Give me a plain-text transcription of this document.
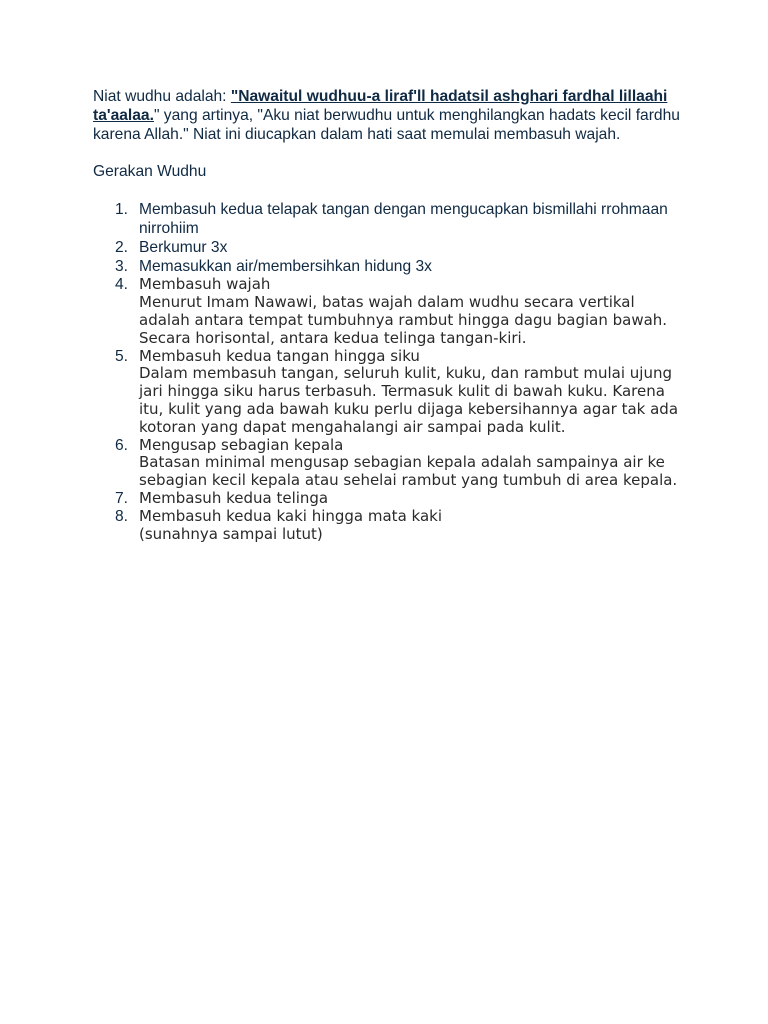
Niat wudhu adalah: "Nawaitul wudhuu-a liraf'll hadatsil ashghari fardhal lillaahi ta'aalaa." yang artinya, "Aku niat berwudhu untuk menghilangkan hadats kecil fardhu karena Allah." Niat ini diucapkan dalam hati saat memulai membasuh wajah.

Gerakan Wudhu

1. Membasuh kedua telapak tangan dengan mengucapkan bismillahi rrohmaan nirrohiim
2. Berkumur 3x
3. Memasukkan air/membersihkan hidung 3x
4. Membasuh wajah
Menurut Imam Nawawi, batas wajah dalam wudhu secara vertikal adalah antara tempat tumbuhnya rambut hingga dagu bagian bawah. Secara horisontal, antara kedua telinga tangan-kiri.
5. Membasuh kedua tangan hingga siku
Dalam membasuh tangan, seluruh kulit, kuku, dan rambut mulai ujung jari hingga siku harus terbasuh. Termasuk kulit di bawah kuku. Karena itu, kulit yang ada bawah kuku perlu dijaga kebersihannya agar tak ada kotoran yang dapat mengahalangi air sampai pada kulit.
6. Mengusap sebagian kepala
Batasan minimal mengusap sebagian kepala adalah sampainya air ke sebagian kecil kepala atau sehelai rambut yang tumbuh di area kepala.
7. Membasuh kedua telinga
8. Membasuh kedua kaki hingga mata kaki
(sunahnya sampai lutut)
